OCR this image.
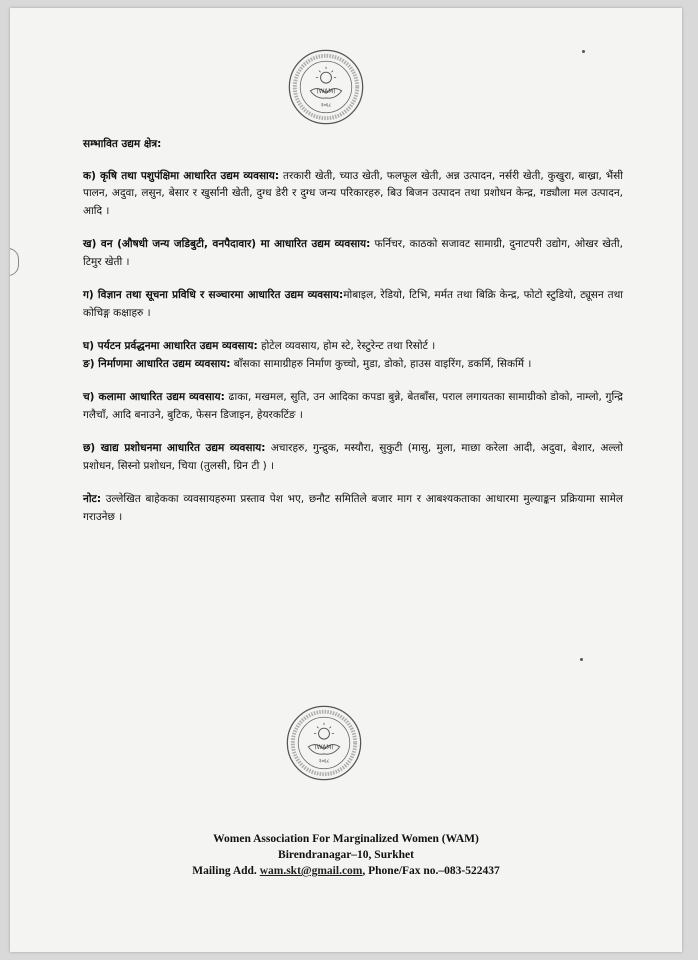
(WAM)
२०६८

सम्भावित उद्यम क्षेत्र:

क) कृषि तथा पशुपंक्षिमा आधारित उद्यम व्यवसाय: तरकारी खेती, च्याउ खेती, फलफूल खेती, अन्न उत्पादन, नर्सरी खेती, कुखुरा, बाख्रा, भैंसी पालन, अदुवा, लसुन, बेसार र खुर्सानी खेती, दुग्ध डेरी र दुग्ध जन्य परिकारहरु, बिउ बिजन उत्पादन तथा प्रशोधन केन्द्र, गड्यौला मल उत्पादन, आदि ।

ख) वन (औषधी जन्य जडिबुटी, वनपैदावार) मा आधारित उद्यम व्यवसाय: फर्निचर, काठको सजावट सामाग्री, दुनाटपरी उद्योग, ओखर खेती, टिमुर खेती ।

ग) विज्ञान तथा सूचना प्रविधि र सञ्चारमा आधारित उद्यम व्यवसाय:मोबाइल, रेडियो, टिभि, मर्मत तथा बिक्रि केन्द्र, फोटो स्टुडियो, ट्यूसन तथा कोचिङ्ग कक्षाहरु ।

घ) पर्यटन प्रर्वद्धनमा आधारित उद्यम व्यवसाय: होटेल व्यवसाय, होम स्टे, रेस्टुरेन्ट तथा रिसोर्ट ।

ङ) निर्माणमा आधारित उद्यम व्यवसाय: बाँसका सामाग्रीहरु निर्माण कुच्चो, मुडा, डोको, हाउस वाइरिंग, डकर्मि, सिकर्मि ।

च) कलामा आधारित उद्यम व्यवसाय: ढाका, मखमल, सुति, उन आदिका कपडा बुन्ने, बेतबाँस, पराल लगायतका सामाग्रीको डोको, नाम्लो, गुन्द्रि गलैचाँ, आदि बनाउने, बुटिक, फेसन डिजाइन, हेयरकटिंङ ।

छ) खाद्य प्रशोधनमा आधारित उद्यम व्यवसाय: अचारहरु, गुन्द्रुक, मस्यौरा, सुकुटी (मासु, मुला, माछा करेला आदी, अदुवा, बेशार, अल्लो प्रशोधन, सिस्नो प्रशोधन, चिया (तुलसी, ग्रिन टी ) ।

नोट: उल्लेखित बाहेकका व्यवसायहरुमा प्रस्ताव पेश भए, छनौट समितिले बजार माग र आबश्यकताका आधारमा मुल्याङ्कन प्रक्रियामा सामेल गराउनेछ ।

(WAM)
२०६८
Women Association For Marginalized Women (WAM)
Birendranagar–10, Surkhet
Mailing Add. wam.skt@gmail.com, Phone/Fax no.–083-522437
